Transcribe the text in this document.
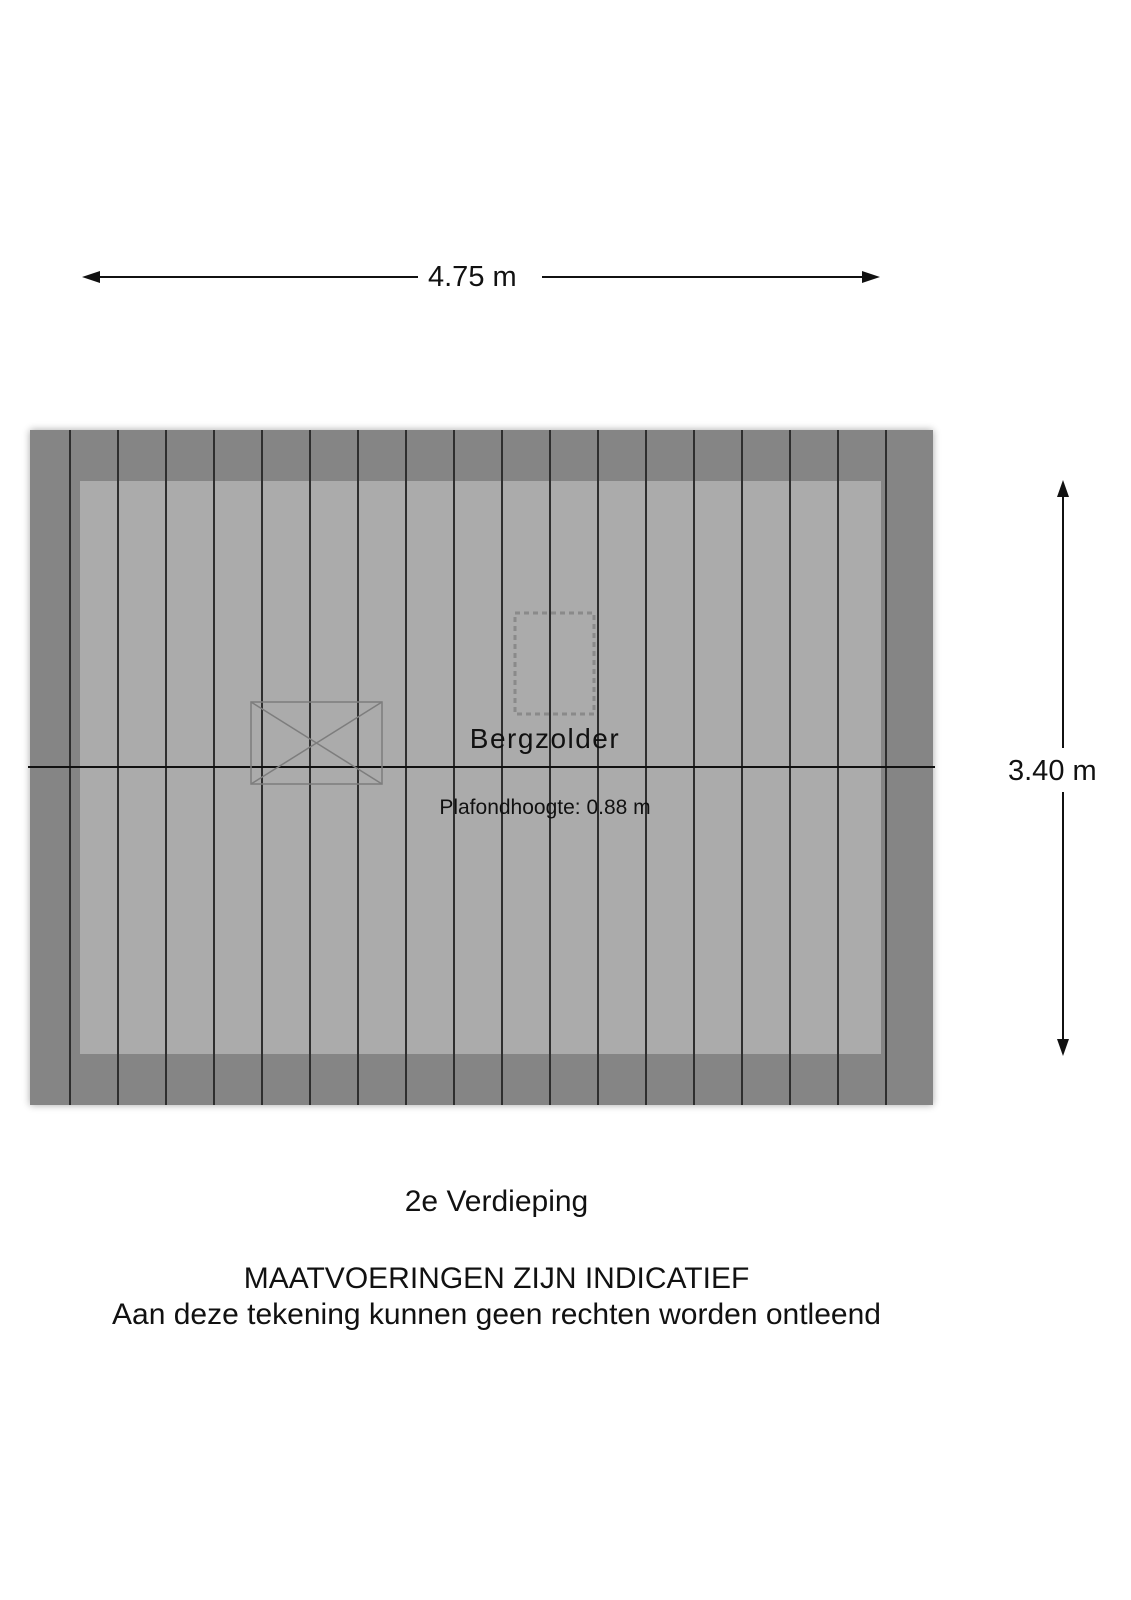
4.75 m
3.40 m
Bergzolder
Plafondhoogte: 0.88 m
2e Verdieping
MAATVOERINGEN ZIJN INDICATIEF
Aan deze tekening kunnen geen rechten worden ontleend
